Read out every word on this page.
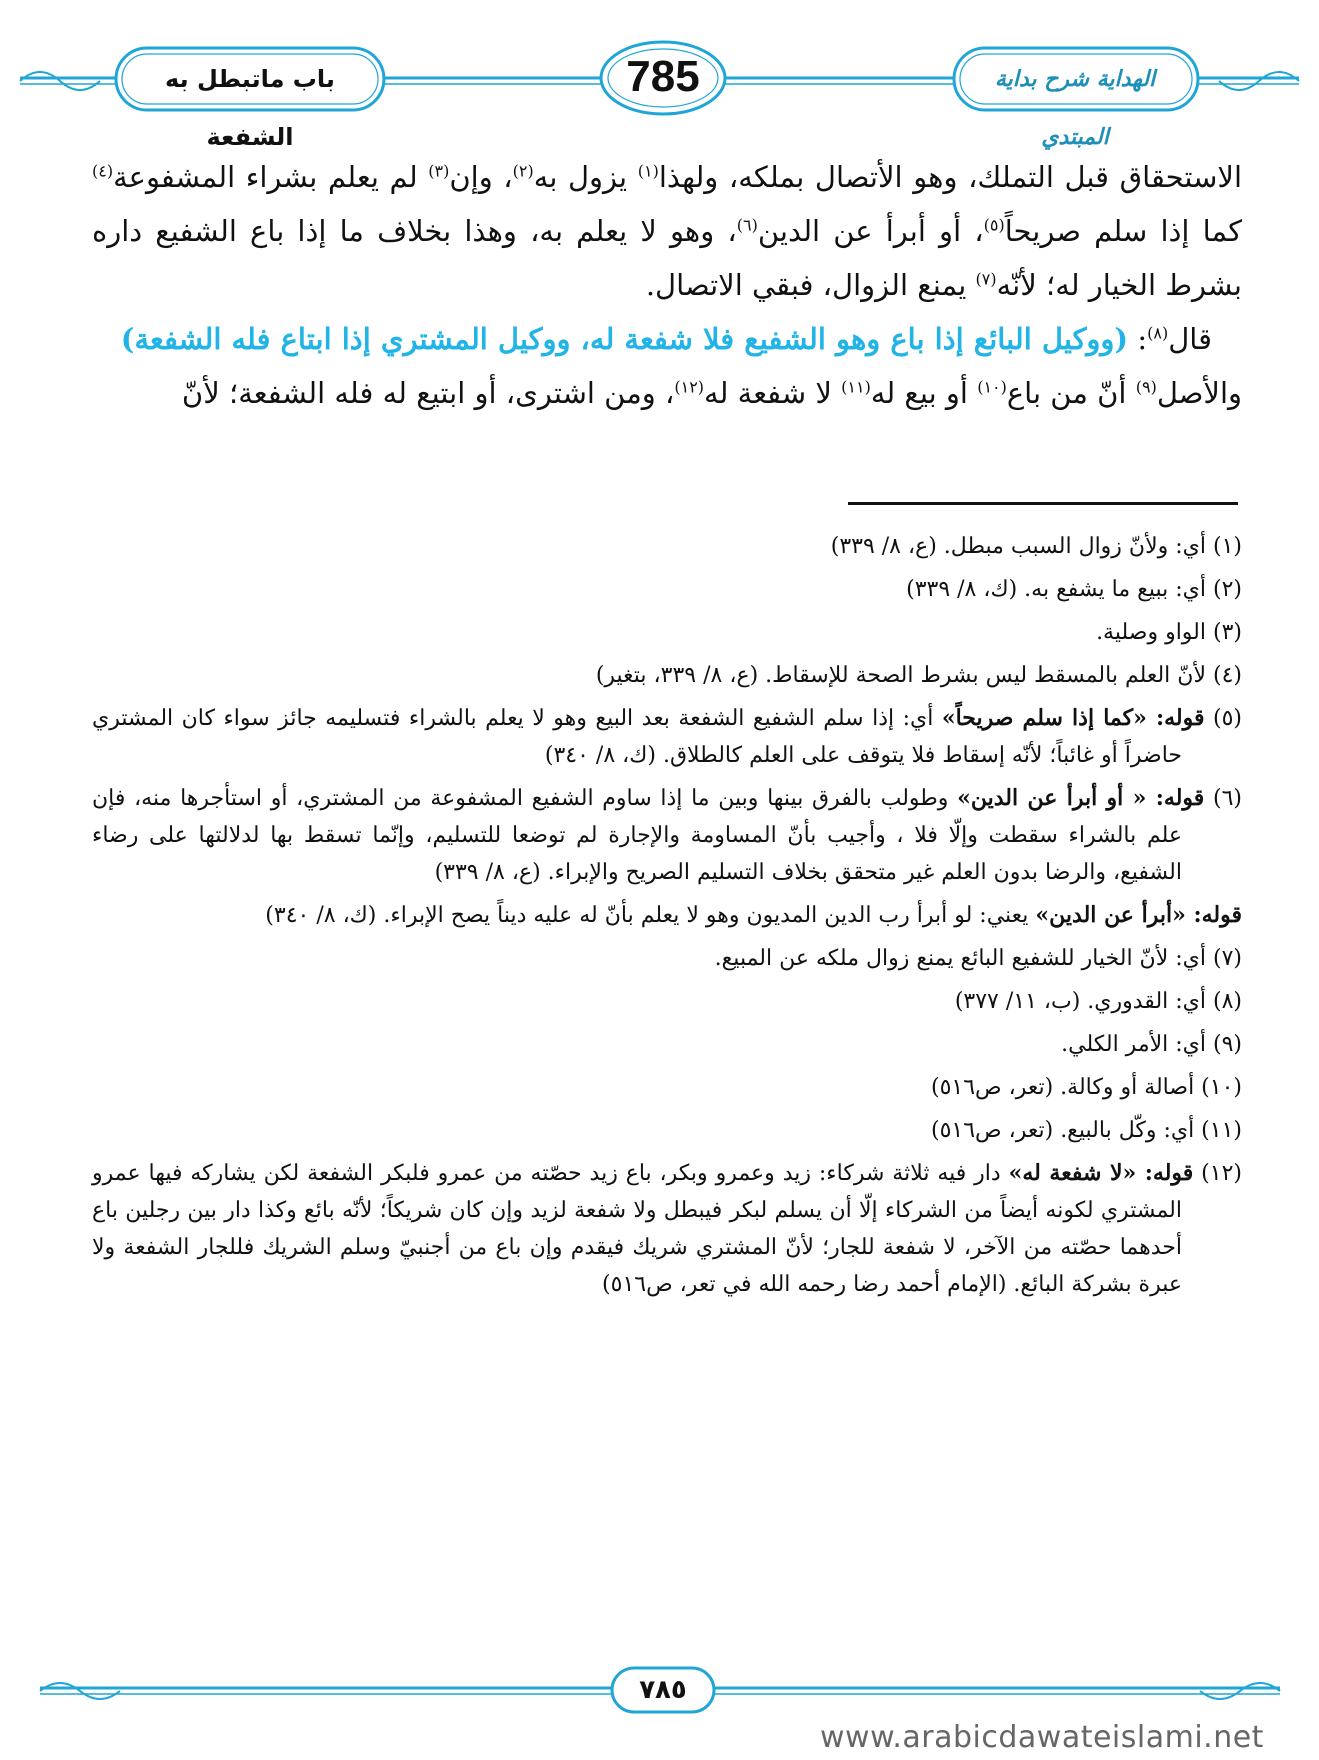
باب ماتبطل به الشفعة
785	الهداية شرح بداية المبتدي

الاستحقاق قبل التملك، وهو الأتصال بملكه، ولهذا$^{(١)}$ يزول به$^{(٢)}$، وإن$^{(٣)}$ لم يعلم بشراء المشفوعة$^{(٤)}$ كما إذا سلم صريحاً$^{(٥)}$، أو أبرأ عن الدين$^{(٦)}$، وهو لا يعلم به، وهذا بخلاف ما إذا باع الشفيع داره بشرط الخيار له؛ لأنّه$^{(٧)}$ يمنع الزوال، فبقي الاتصال.

قال$^{(٨)}$: (ووكيل البائع إذا باع وهو الشفيع فلا شفعة له، ووكيل المشتري إذا ابتاع فله الشفعة)

والأصل$^{(٩)}$ أنّ من باع$^{(١٠)}$ أو بيع له$^{(١١)}$ لا شفعة له$^{(١٢)}$، ومن اشترى، أو ابتيع له فله الشفعة؛ لأنّ

(١) أي: ولأنّ زوال السبب مبطل. (ع، ٨/ ٣٣٩)

(٢) أي: ببيع ما يشفع به. (ك، ٨/ ٣٣٩)

(٣) الواو وصلية.

(٤) لأنّ العلم بالمسقط ليس بشرط الصحة للإسقاط. (ع، ٨/ ٣٣٩، بتغير)

(٥) قوله: «كما إذا سلم صريحاً» أي: إذا سلم الشفيع الشفعة بعد البيع وهو لا يعلم بالشراء فتسليمه جائز سواء كان المشتري حاضراً أو غائباً؛ لأنّه إسقاط فلا يتوقف على العلم كالطلاق. (ك، ٨/ ٣٤٠)

(٦) قوله: « أو أبرأ عن الدين» وطولب بالفرق بينها وبين ما إذا ساوم الشفيع المشفوعة من المشتري، أو استأجرها منه، فإن علم بالشراء سقطت وإلّا فلا ، وأجيب بأنّ المساومة والإجارة لم توضعا للتسليم، وإنّما تسقط بها لدلالتها على رضاء الشفيع، والرضا بدون العلم غير متحقق بخلاف التسليم الصريح والإبراء. (ع، ٨/ ٣٣٩)

قوله: «أبرأ عن الدين» يعني: لو أبرأ رب الدين المديون وهو لا يعلم بأنّ له عليه ديناً يصح الإبراء. (ك، ٨/ ٣٤٠)

(٧) أي: لأنّ الخيار للشفيع البائع يمنع زوال ملكه عن المبيع.

(٨) أي: القدوري. (ب، ١١/ ٣٧٧)

(٩) أي: الأمر الكلي.

(١٠) أصالة أو وكالة. (تعر، ص٥١٦)

(١١) أي: وكّل بالبيع. (تعر، ص٥١٦)

(١٢) قوله: «لا شفعة له» دار فيه ثلاثة شركاء: زيد وعمرو وبكر، باع زيد حصّته من عمرو فلبكر الشفعة لكن يشاركه فيها عمرو المشتري لكونه أيضاً من الشركاء إلّا أن يسلم لبكر فيبطل ولا شفعة لزيد وإن كان شريكاً؛ لأنّه بائع وكذا دار بين رجلين باع أحدهما حصّته من الآخر، لا شفعة للجار؛ لأنّ المشتري شريك فيقدم وإن باع من أجنبيّ وسلم الشريك فللجار الشفعة ولا عبرة بشركة البائع. (الإمام أحمد رضا رحمه الله في تعر، ص٥١٦)

٧٨٥
www.arabicdawateislami.net
